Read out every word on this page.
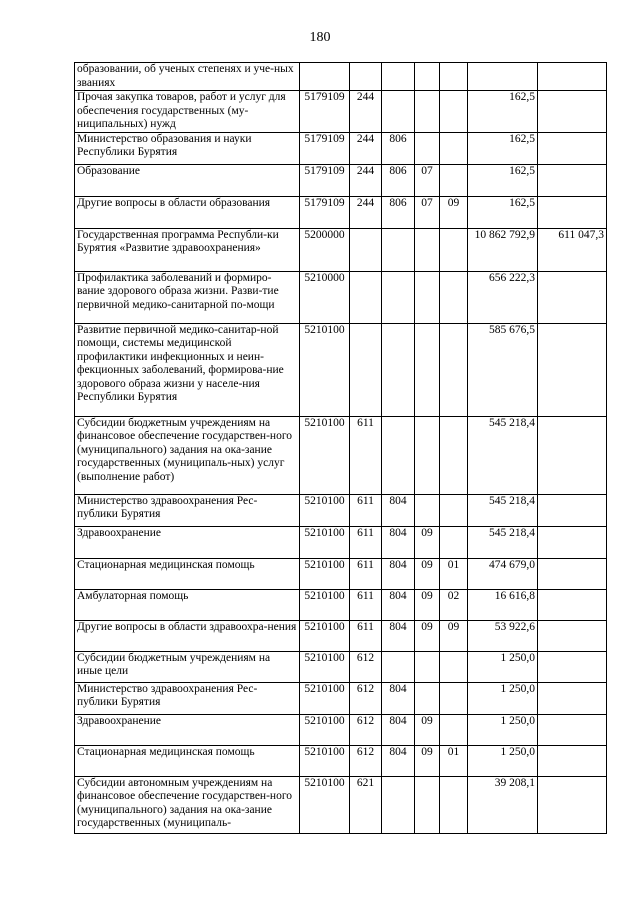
180
образовании, об ученых степенях и уче-ных званиях							
Прочая закупка товаров, работ и услуг для обеспечения государственных (му-ниципальных) нужд	5179109	244				162,5	
Министерство образования и науки Республики Бурятия	5179109	244	806			162,5	
Образование	5179109	244	806	07		162,5	
Другие вопросы в области образования	5179109	244	806	07	09	162,5	
Государственная программа Республи-ки Бурятия «Развитие здравоохранения»	5200000					10 862 792,9	611 047,3
Профилактика заболеваний и формиро-вание здорового образа жизни. Разви-тие первичной медико-санитарной по-мощи	5210000					656 222,3	
Развитие первичной медико-санитар-ной помощи, системы медицинской профилактики инфекционных и неин-фекционных заболеваний, формирова-ние здорового образа жизни у населе-ния Республики Бурятия	5210100					585 676,5	
Субсидии бюджетным учреждениям на финансовое обеспечение государствен-ного (муниципального) задания на ока-зание государственных (муниципаль-ных) услуг (выполнение работ)	5210100	611				545 218,4	
Министерство здравоохранения Рес-публики Бурятия	5210100	611	804			545 218,4	
Здравоохранение	5210100	611	804	09		545 218,4	
Стационарная медицинская помощь	5210100	611	804	09	01	474 679,0	
Амбулаторная помощь	5210100	611	804	09	02	16 616,8	
Другие вопросы в области здравоохра-нения	5210100	611	804	09	09	53 922,6	
Субсидии бюджетным учреждениям на иные цели	5210100	612				1 250,0	
Министерство здравоохранения Рес-публики Бурятия	5210100	612	804			1 250,0	
Здравоохранение	5210100	612	804	09		1 250,0	
Стационарная медицинская помощь	5210100	612	804	09	01	1 250,0	
Субсидии автономным учреждениям на финансовое обеспечение государствен-ного (муниципального) задания на ока-зание государственных (муниципаль-	5210100	621				39 208,1	
